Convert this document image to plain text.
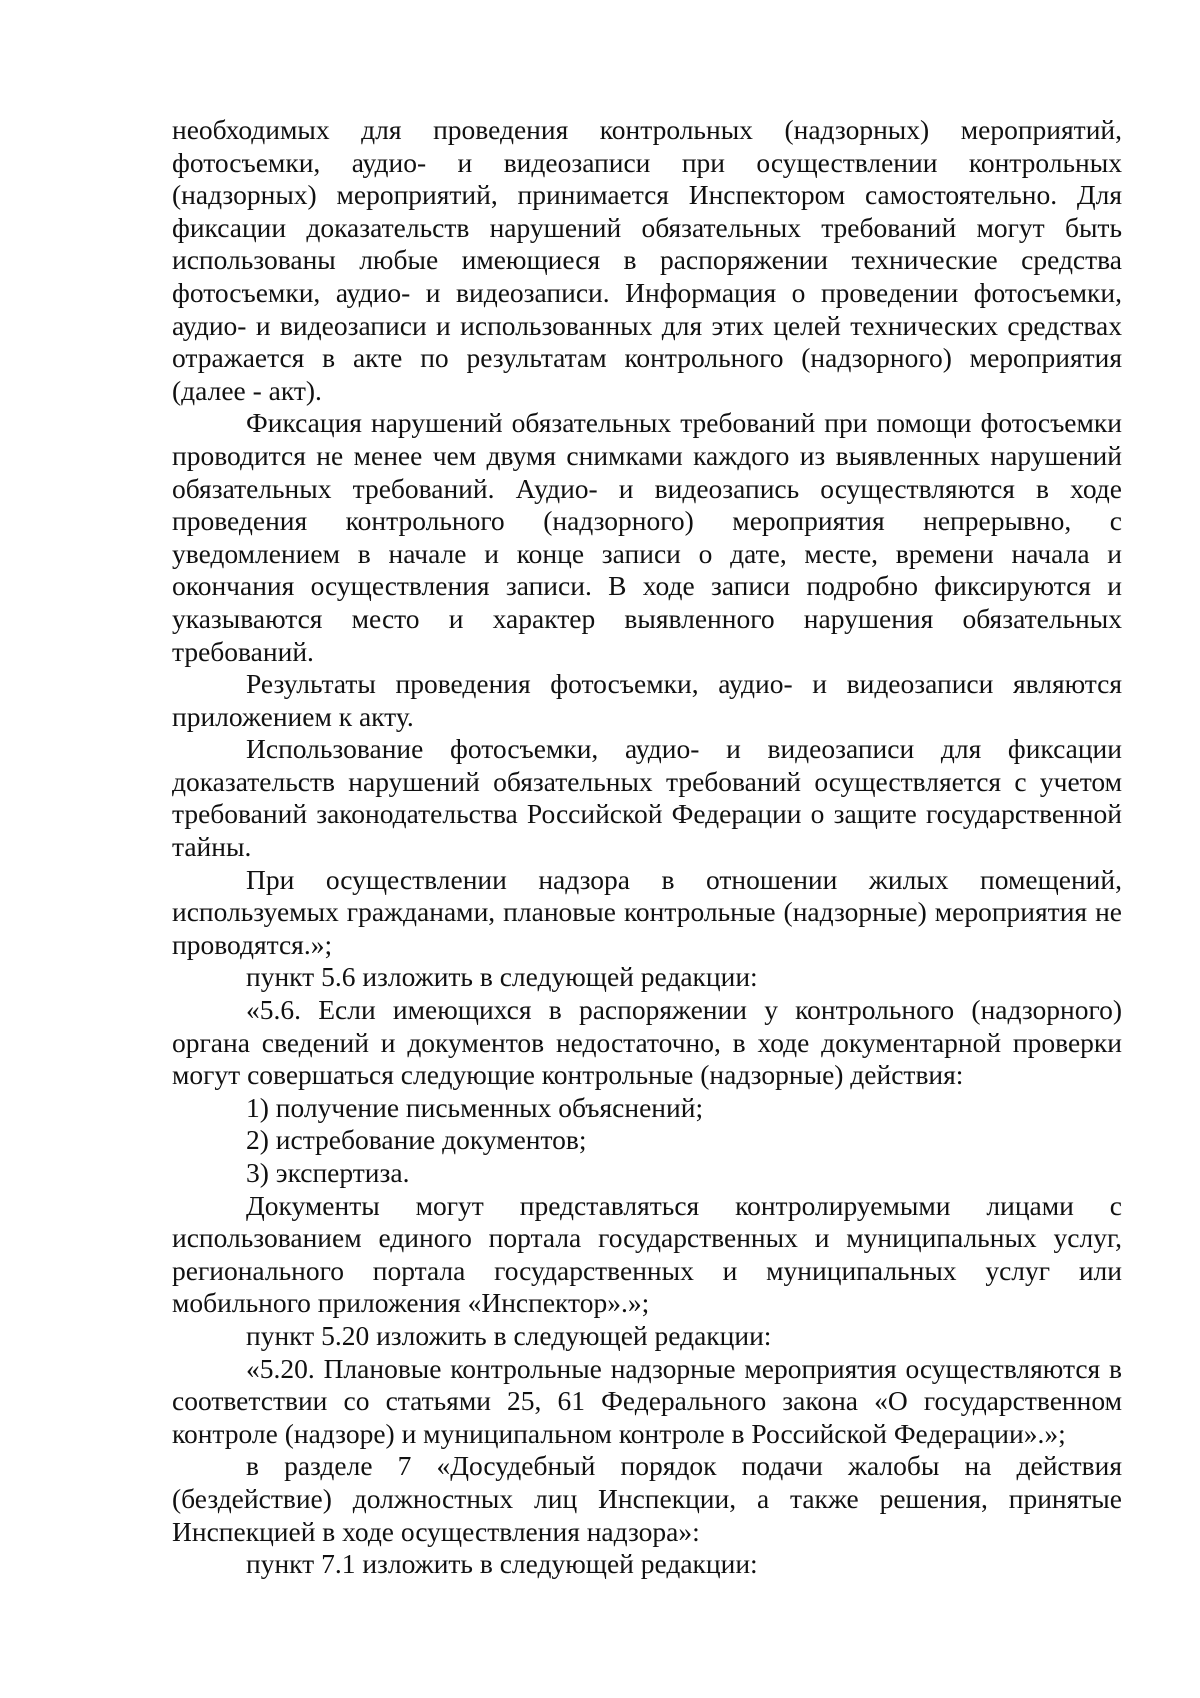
необходимых для проведения контрольных (надзорных) мероприятий, фотосъемки, аудио- и видеозаписи при осуществлении контрольных (надзорных) мероприятий, принимается Инспектором самостоятельно. Для фиксации доказательств нарушений обязательных требований могут быть использованы любые имеющиеся в распоряжении технические средства фотосъемки, аудио- и видеозаписи. Информация о проведении фотосъемки, аудио- и видеозаписи и использованных для этих целей технических средствах отражается в акте по результатам контрольного (надзорного) мероприятия (далее - акт).

Фиксация нарушений обязательных требований при помощи фотосъемки проводится не менее чем двумя снимками каждого из выявленных нарушений обязательных требований. Аудио- и видеозапись осуществляются в ходе проведения контрольного (надзорного) мероприятия непрерывно, с уведомлением в начале и конце записи о дате, месте, времени начала и окончания осуществления записи. В ходе записи подробно фиксируются и указываются место и характер выявленного нарушения обязательных требований.

Результаты проведения фотосъемки, аудио- и видеозаписи являются приложением к акту.

Использование фотосъемки, аудио- и видеозаписи для фиксации доказательств нарушений обязательных требований осуществляется с учетом требований законодательства Российской Федерации о защите государственной тайны.

При осуществлении надзора в отношении жилых помещений, используемых гражданами, плановые контрольные (надзорные) мероприятия не проводятся.»;

пункт 5.6 изложить в следующей редакции:

«5.6. Если имеющихся в распоряжении у контрольного (надзорного) органа сведений и документов недостаточно, в ходе документарной проверки могут совершаться следующие контрольные (надзорные) действия:

1) получение письменных объяснений;

2) истребование документов;

3) экспертиза.

Документы могут представляться контролируемыми лицами с использованием единого портала государственных и муниципальных услуг, регионального портала государственных и муниципальных услуг или мобильного приложения «Инспектор».»;

пункт 5.20 изложить в следующей редакции:

«5.20. Плановые контрольные надзорные мероприятия осуществляются в соответствии со статьями 25, 61 Федерального закона «О государственном контроле (надзоре) и муниципальном контроле в Российской Федерации».»;

в разделе 7 «Досудебный порядок подачи жалобы на действия (бездействие) должностных лиц Инспекции, а также решения, принятые Инспекцией в ходе осуществления надзора»:

пункт 7.1 изложить в следующей редакции:
